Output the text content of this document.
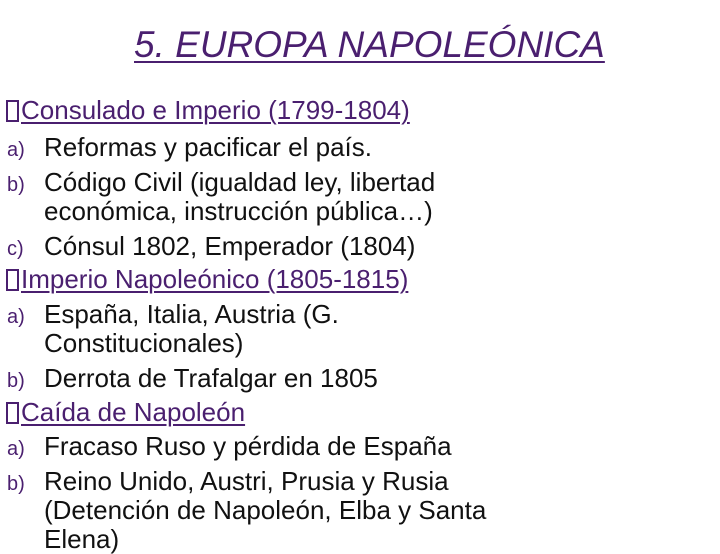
5. EUROPA NAPOLEÓNICA
Consulado e Imperio (1799-1804)
a) Reformas y pacificar el país.
b) Código Civil (igualdad ley, libertad
económica, instrucción pública…)
c) Cónsul 1802, Emperador (1804)
Imperio Napoleónico (1805-1815)
a) España, Italia, Austria (G.
Constitucionales)
b) Derrota de Trafalgar en 1805
Caída de Napoleón
a) Fracaso Ruso y pérdida de España
b) Reino Unido, Austri, Prusia y Rusia
(Detención de Napoleón, Elba y Santa
Elena)
